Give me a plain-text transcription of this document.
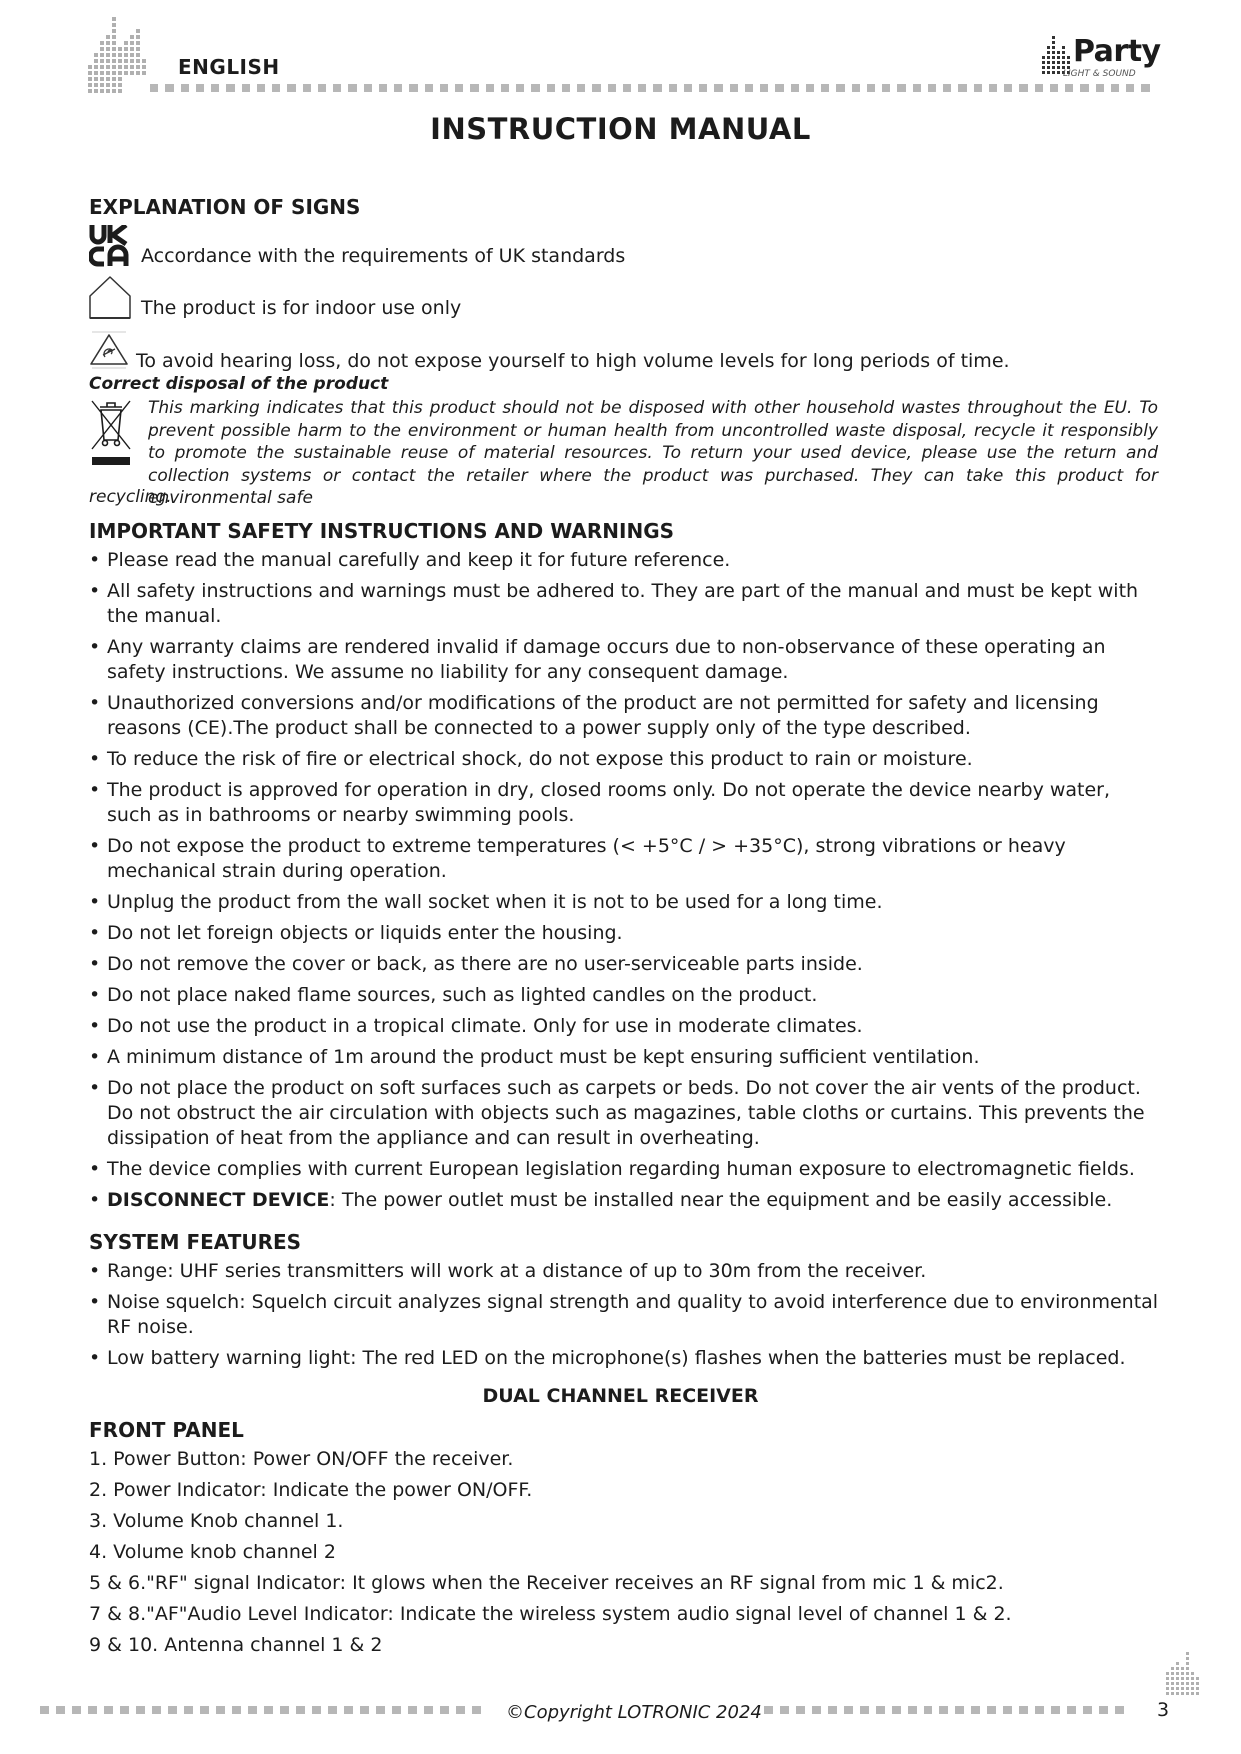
ENGLISH	Party
LIGHT & SOUND
INSTRUCTION MANUAL
EXPLANATION OF SIGNS
Accordance with the requirements of UK standards
The product is for indoor use only
To avoid hearing loss, do not expose yourself to high volume levels for long periods of time.
Correct disposal of the product
This marking indicates that this product should not be disposed with other household wastes throughout the EU. To prevent possible harm to the environment or human health from uncontrolled waste disposal, recycle it responsibly to promote the sustainable reuse of material resources. To return your used device, please use the return and collection systems or contact the retailer where the product was purchased. They can take this product for environmental safe
recycling.
IMPORTANT SAFETY INSTRUCTIONS AND WARNINGS
• Please read the manual carefully and keep it for future reference.
• All safety instructions and warnings must be adhered to. They are part of the manual and must be kept with the manual.
• Any warranty claims are rendered invalid if damage occurs due to non-observance of these operating an safety instructions. We assume no liability for any consequent damage.
• Unauthorized conversions and/or modifications of the product are not permitted for safety and licensing reasons (CE).The product shall be connected to a power supply only of the type described.
• To reduce the risk of fire or electrical shock, do not expose this product to rain or moisture.
• The product is approved for operation in dry, closed rooms only. Do not operate the device nearby water, such as in bathrooms or nearby swimming pools.
• Do not expose the product to extreme temperatures (< +5°C / > +35°C), strong vibrations or heavy mechanical strain during operation.
• Unplug the product from the wall socket when it is not to be used for a long time.
• Do not let foreign objects or liquids enter the housing.
• Do not remove the cover or back, as there are no user-serviceable parts inside.
• Do not place naked flame sources, such as lighted candles on the product.
• Do not use the product in a tropical climate. Only for use in moderate climates.
• A minimum distance of 1m around the product must be kept ensuring sufficient ventilation.
• Do not place the product on soft surfaces such as carpets or beds. Do not cover the air vents of the product. Do not obstruct the air circulation with objects such as magazines, table cloths or curtains. This prevents the dissipation of heat from the appliance and can result in overheating.
• The device complies with current European legislation regarding human exposure to electromagnetic fields.
• DISCONNECT DEVICE: The power outlet must be installed near the equipment and be easily accessible.
SYSTEM FEATURES
• Range: UHF series transmitters will work at a distance of up to 30m from the receiver.
• Noise squelch: Squelch circuit analyzes signal strength and quality to avoid interference due to environmental RF noise.
• Low battery warning light: The red LED on the microphone(s) flashes when the batteries must be replaced.
DUAL CHANNEL RECEIVER
FRONT PANEL
1. Power Button: Power ON/OFF the receiver.
2. Power Indicator: Indicate the power ON/OFF.
3. Volume Knob channel 1.
4. Volume knob channel 2
5 & 6."RF" signal Indicator: It glows when the Receiver receives an RF signal from mic 1 & mic2.
7 & 8."AF"Audio Level Indicator: Indicate the wireless system audio signal level of channel 1 & 2.
9 & 10. Antenna channel 1 & 2
©Copyright LOTRONIC 2024	3
